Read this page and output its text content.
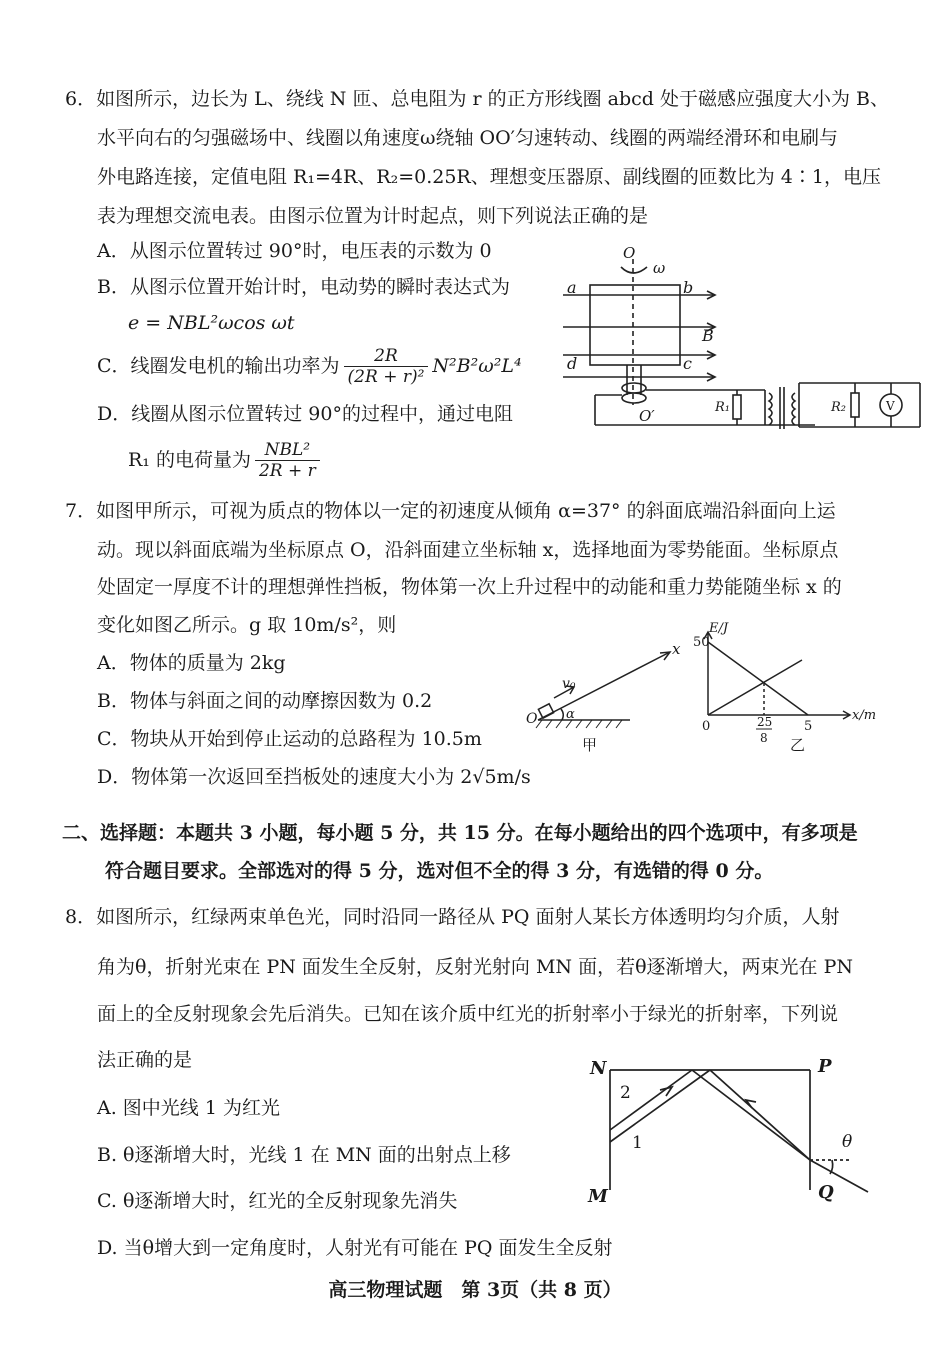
6．如图所示，边长为 L、绕线 N 匝、总电阻为 r 的正方形线圈 abcd 处于磁感应强度大小为 B、
水平向右的匀强磁场中、线圈以角速度ω绕轴 OO′匀速转动、线圈的两端经滑环和电刷与
外电路连接，定值电阻 R₁=4R、R₂=0.25R、理想变压器原、副线圈的匝数比为 4∶1，电压
表为理想交流电表。由图示位置为计时起点，则下列说法正确的是
A．从图示位置转过 90°时，电压表的示数为 0
B．从图示位置开始计时，电动势的瞬时表达式为
e = NBL²ωcos ωt
C．线圈发电机的输出功率为 $\frac{2R}{\text{(2R + r)²}} N^2B^2\omega^2L^4$
D．线圈从图示位置转过 90°的过程中，通过电阻
R₁ 的电荷量为 $\frac{\text{NBL²}}{2R + r}$
O
ω
a	b
B
d	c
O′	R₁	R₂	V
7．如图甲所示，可视为质点的物体以一定的初速度从倾角 α=37° 的斜面底端沿斜面向上运
动。现以斜面底端为坐标原点 O，沿斜面建立坐标轴 x，选择地面为零势能面。坐标原点
处固定一厚度不计的理想弹性挡板，物体第一次上升过程中的动能和重力势能随坐标 x 的
变化如图乙所示。g 取 10m/s²，则
A．物体的质量为 2kg
B．物体与斜面之间的动摩擦因数为 0.2
C．物块从开始到停止运动的总路程为 10.5m
D．物体第一次返回至挡板处的速度大小为 2√5m/s
x
v₀
O α
甲
E/J
50
0	25
8
5
x/m
乙
二、选择题：本题共 3 小题，每小题 5 分，共 15 分。在每小题给出的四个选项中，有多项是
符合题目要求。全部选对的得 5 分，选对但不全的得 3 分，有选错的得 0 分。
8．如图所示，红绿两束单色光，同时沿同一路径从 PQ 面射人某长方体透明均匀介质，人射
角为θ，折射光束在 PN 面发生全反射，反射光射向 MN 面，若θ逐渐增大，两束光在 PN
面上的全反射现象会先后消失。已知在该介质中红光的折射率小于绿光的折射率，下列说
法正确的是
A. 图中光线 1 为红光
B. θ逐渐增大时，光线 1 在 MN 面的出射点上移
C. θ逐渐增大时，红光的全反射现象先消失
D. 当θ增大到一定角度时，人射光有可能在 PQ 面发生全反射
N	P
M	Q
2
1	θ
高三物理试题　第 3页（共 8 页）
